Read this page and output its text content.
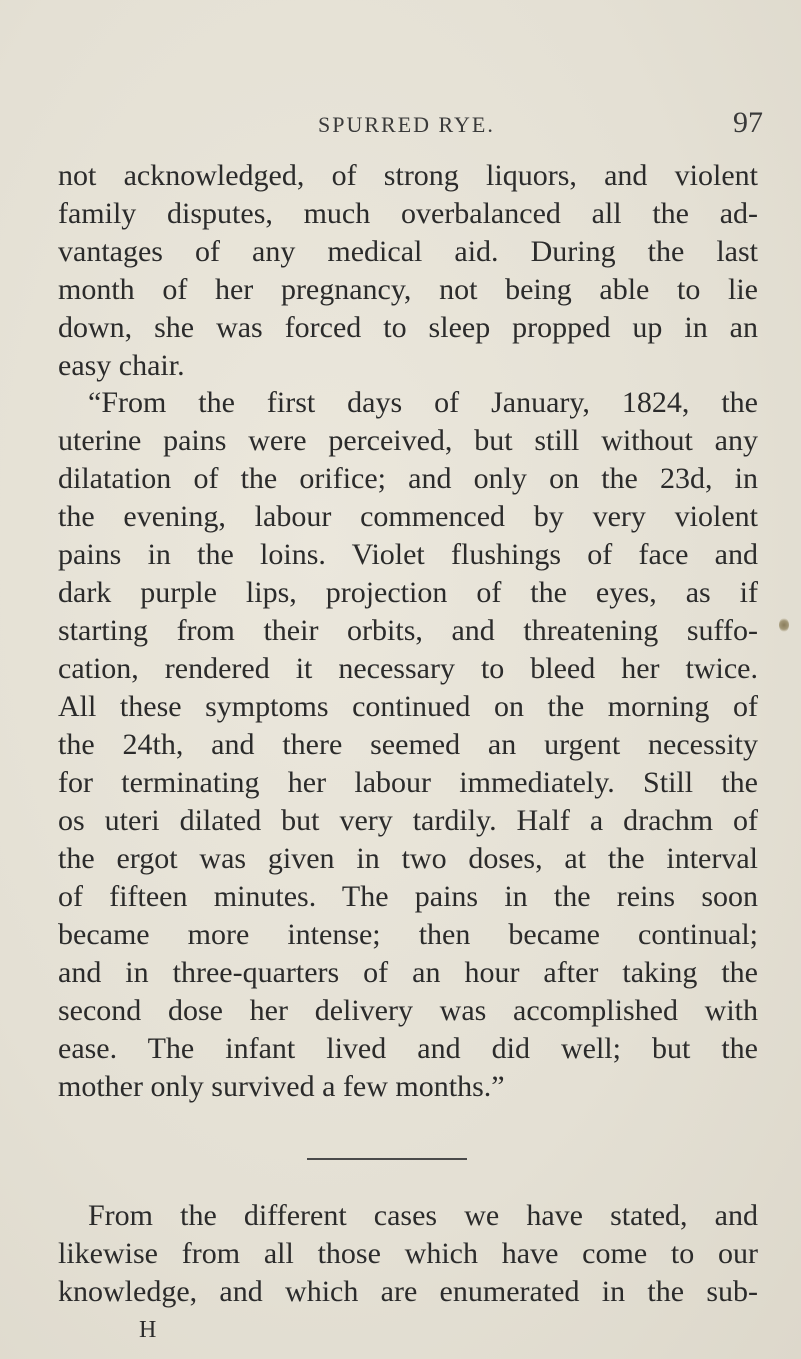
SPURRED RYE.	97
not acknowledged, of strong liquors, and violent
family disputes, much overbalanced all the ad-
vantages of any medical aid. During the last
month of her pregnancy, not being able to lie
down, she was forced to sleep propped up in an
easy chair.
“From the first days of January, 1824, the
uterine pains were perceived, but still without any
dilatation of the orifice; and only on the 23d, in
the evening, labour commenced by very violent
pains in the loins. Violet flushings of face and
dark purple lips, projection of the eyes, as if
starting from their orbits, and threatening suffo-
cation, rendered it necessary to bleed her twice.
All these symptoms continued on the morning of
the 24th, and there seemed an urgent necessity
for terminating her labour immediately. Still the
os uteri dilated but very tardily. Half a drachm of
the ergot was given in two doses, at the interval
of fifteen minutes. The pains in the reins soon
became more intense; then became continual;
and in three-quarters of an hour after taking the
second dose her delivery was accomplished with
ease. The infant lived and did well; but the
mother only survived a few months.”
From the different cases we have stated, and
likewise from all those which have come to our
knowledge, and which are enumerated in the sub-
H
